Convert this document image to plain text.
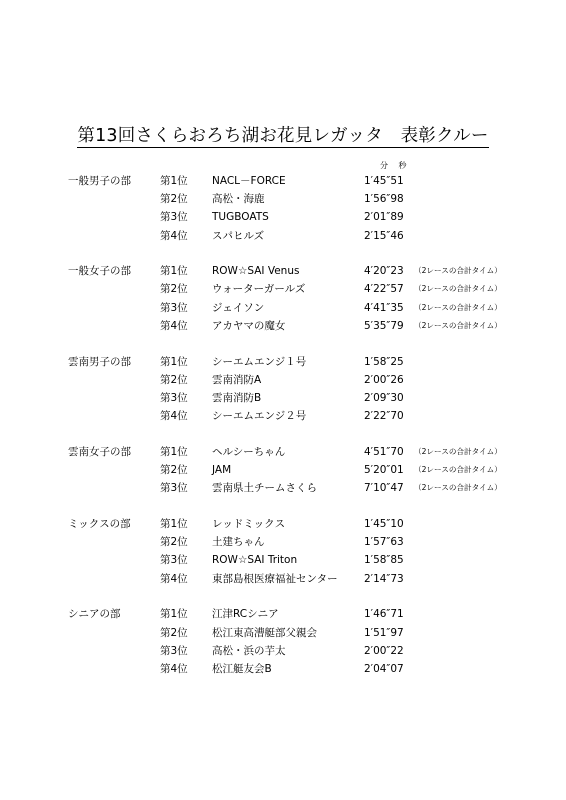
第13回さくらおろち湖お花見レガッタ　表彰クルー
分 秒
一般男子の部	第1位 NACL－FORCE	1′45″51
第2位 高松・海鹿	1′56″98
第3位 TUGBOATS	2′01″89
第4位 スパヒルズ	2′15″46
一般女子の部	第1位 ROW☆SAI Venus	4′20″23 （2レースの合計タイム）
第2位 ウォーターガールズ	4′22″57 （2レースの合計タイム）
第3位 ジェイソン	4′41″35 （2レースの合計タイム）
第4位 アカヤマの魔女	5′35″79 （2レースの合計タイム）
雲南男子の部	第1位 シーエムエンジ１号	1′58″25
第2位 雲南消防A	2′00″26
第3位 雲南消防B	2′09″30
第4位 シーエムエンジ２号	2′22″70
雲南女子の部	第1位 ヘルシーちゃん	4′51″70 （2レースの合計タイム）
第2位 JAM	5′20″01 （2レースの合計タイム）
第3位 雲南県土チームさくら	7′10″47 （2レースの合計タイム）
ミックスの部	第1位 レッドミックス	1′45″10
第2位 土建ちゃん	1′57″63
第3位 ROW☆SAI Triton	1′58″85
第4位 東部島根医療福祉センター	2′14″73
シニアの部	第1位 江津RCシニア	1′46″71
第2位 松江東高漕艇部父親会	1′51″97
第3位 高松・浜の芋太	2′00″22
第4位 松江艇友会B	2′04″07
